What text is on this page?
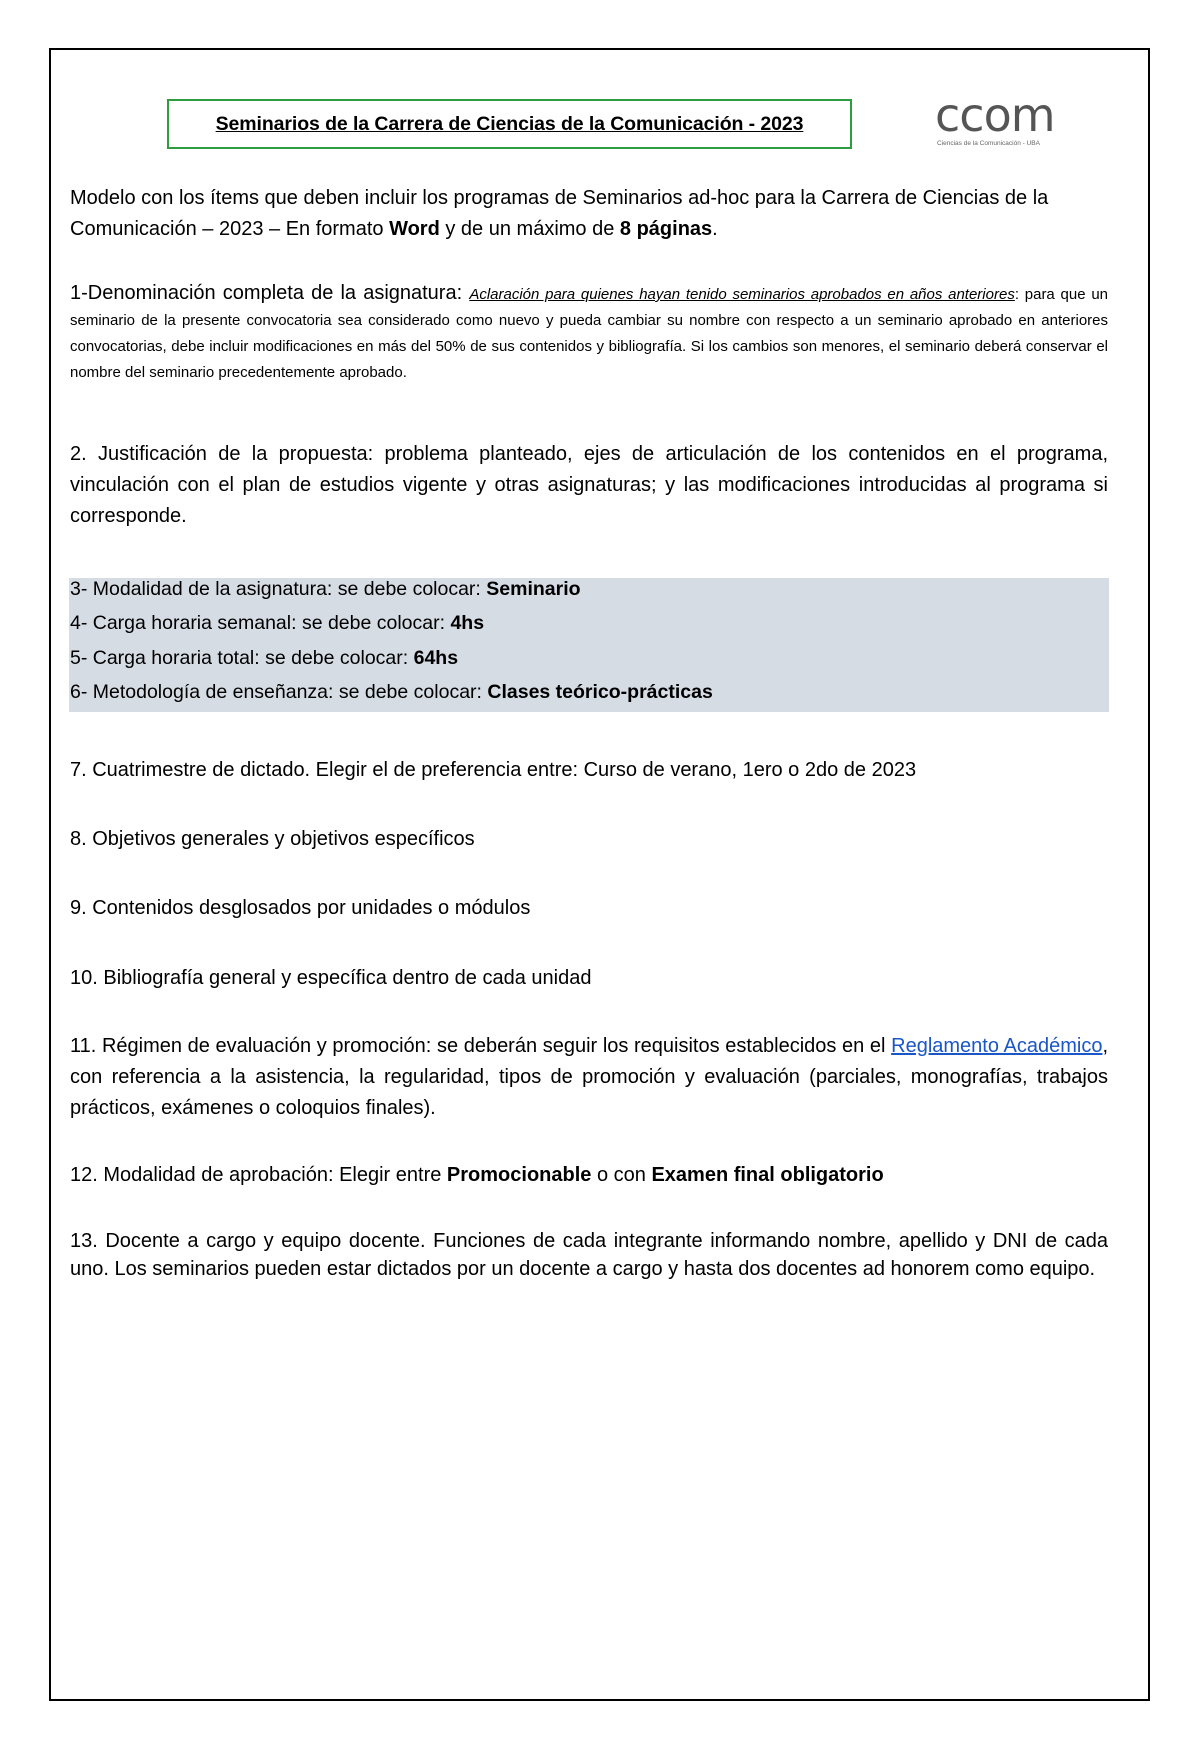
Seminarios de la Carrera de Ciencias de la Comunicación - 2023	ccom
Ciencias de la Comunicación - UBA

Modelo con los ítems que deben incluir los programas de Seminarios ad-hoc para la Carrera de Ciencias de la Comunicación – 2023 – En formato Word y de un máximo de 8 páginas.

1-Denominación completa de la asignatura: Aclaración para quienes hayan tenido seminarios aprobados en años anteriores: para que un seminario de la presente convocatoria sea considerado como nuevo y pueda cambiar su nombre con respecto a un seminario aprobado en anteriores convocatorias, debe incluir modificaciones en más del 50% de sus contenidos y bibliografía. Si los cambios son menores, el seminario deberá conservar el nombre del seminario precedentemente aprobado.

2. Justificación de la propuesta: problema planteado, ejes de articulación de los contenidos en el programa, vinculación con el plan de estudios vigente y otras asignaturas; y las modificaciones introducidas al programa si corresponde.

3- Modalidad de la asignatura: se debe colocar: Seminario
4- Carga horaria semanal: se debe colocar: 4hs
5- Carga horaria total: se debe colocar: 64hs
6- Metodología de enseñanza: se debe colocar: Clases teórico-prácticas

7. Cuatrimestre de dictado. Elegir el de preferencia entre: Curso de verano, 1ero o 2do de 2023

8. Objetivos generales y objetivos específicos

9. Contenidos desglosados por unidades o módulos

10. Bibliografía general y específica dentro de cada unidad

11. Régimen de evaluación y promoción: se deberán seguir los requisitos establecidos en el Reglamento Académico, con referencia a la asistencia, la regularidad, tipos de promoción y evaluación (parciales, monografías, trabajos prácticos, exámenes o coloquios finales).

12. Modalidad de aprobación: Elegir entre Promocionable o con Examen final obligatorio

13. Docente a cargo y equipo docente. Funciones de cada integrante informando nombre, apellido y DNI de cada uno. Los seminarios pueden estar dictados por un docente a cargo y hasta dos docentes ad honorem como equipo.
